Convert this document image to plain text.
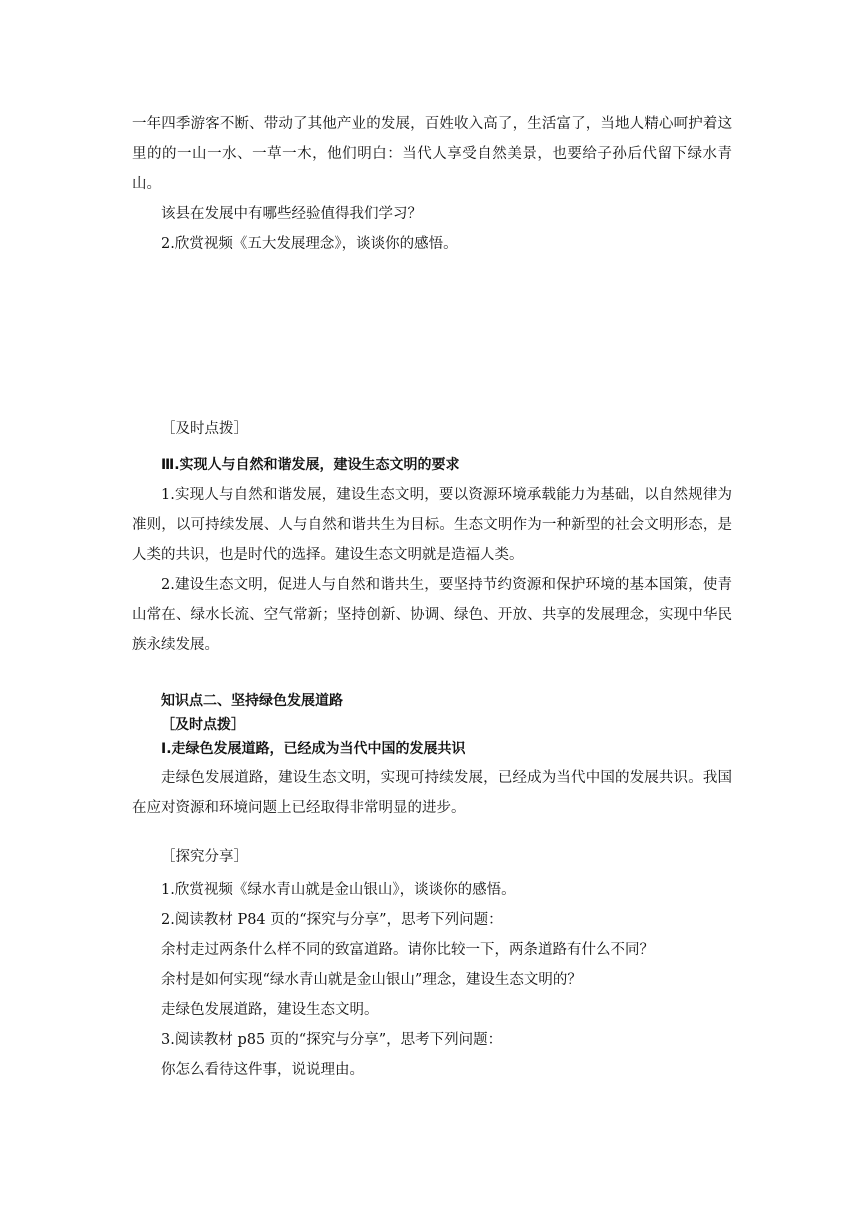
一年四季游客不断、带动了其他产业的发展，百姓收入高了，生活富了，当地人精心呵护着这里的的一山一水、一草一木，他们明白：当代人享受自然美景，也要给子孙后代留下绿水青山。

该县在发展中有哪些经验值得我们学习？

2.欣赏视频《五大发展理念》，谈谈你的感悟。

［及时点拨］

Ⅲ.实现人与自然和谐发展，建设生态文明的要求

1.实现人与自然和谐发展，建设生态文明，要以资源环境承载能力为基础，以自然规律为准则，以可持续发展、人与自然和谐共生为目标。生态文明作为一种新型的社会文明形态，是人类的共识，也是时代的选择。建设生态文明就是造福人类。

2.建设生态文明，促进人与自然和谐共生，要坚持节约资源和保护环境的基本国策，使青山常在、绿水长流、空气常新；坚持创新、协调、绿色、开放、共享的发展理念，实现中华民族永续发展。

知识点二、坚持绿色发展道路

［及时点拨］

Ⅰ.走绿色发展道路，已经成为当代中国的发展共识

走绿色发展道路，建设生态文明，实现可持续发展，已经成为当代中国的发展共识。我国在应对资源和环境问题上已经取得非常明显的进步。

［探究分享］

1.欣赏视频《绿水青山就是金山银山》，谈谈你的感悟。

2.阅读教材 P84 页的“探究与分享”，思考下列问题：

余村走过两条什么样不同的致富道路。请你比较一下，两条道路有什么不同？

余村是如何实现“绿水青山就是金山银山”理念，建设生态文明的？

走绿色发展道路，建设生态文明。

3.阅读教材 p85 页的“探究与分享”，思考下列问题：

你怎么看待这件事，说说理由。
